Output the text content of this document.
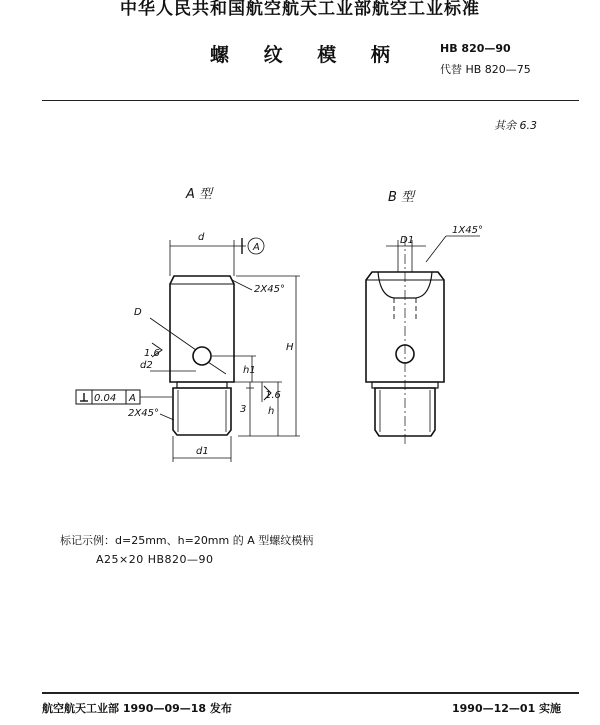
中华人民共和国航空航天工业部航空工业标准
螺 纹 模 柄	HB 820—90
代替 HB 820—75
其余 6.3
A 型	B 型
d
A
2X45°
D
d2	h1
H
3 h
0.04 A
2X45°
d1
D1
1X45°
1.6
1.6
标记示例：d=25mm、h=20mm 的 A 型螺纹模柄
A25×20 HB820—90
航空航天工业部 1990—09—18 发布	1990—12—01 实施
